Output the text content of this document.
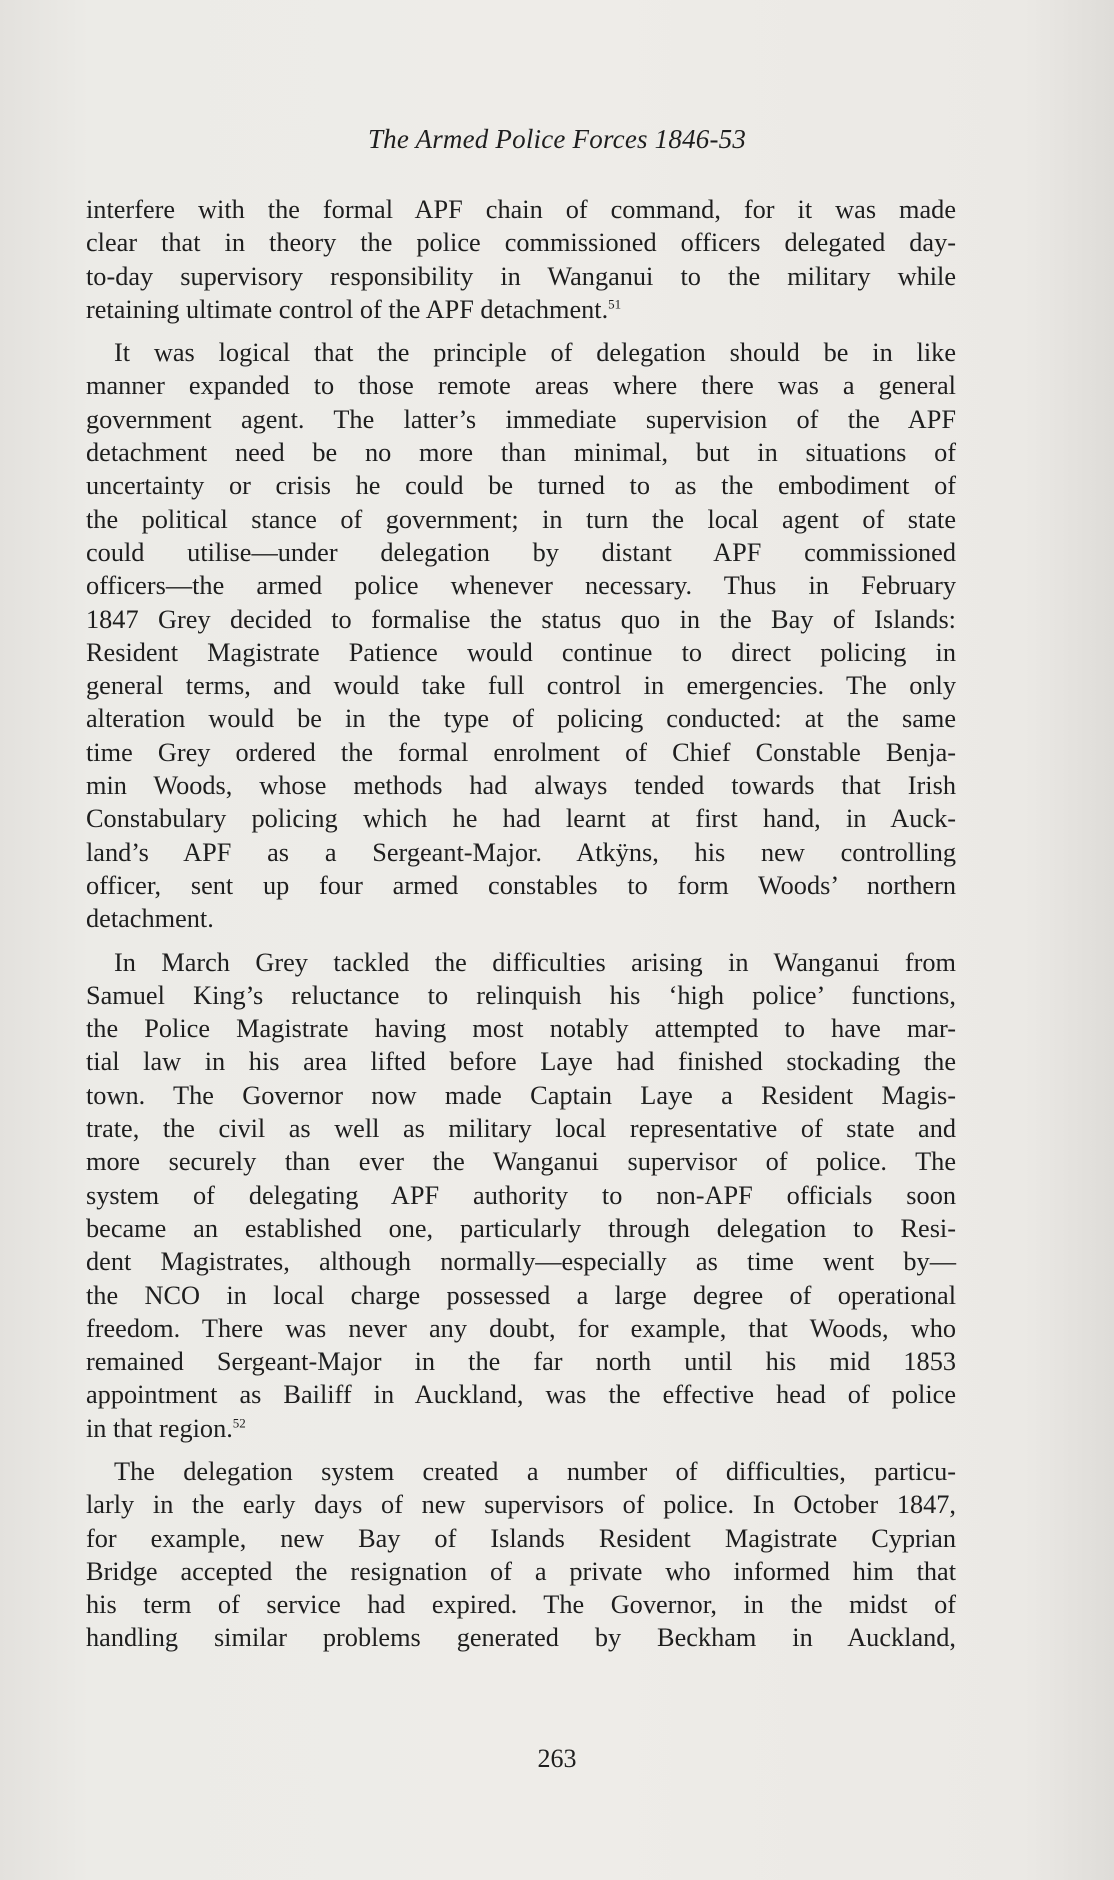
The Armed Police Forces 1846-53

interfere with the formal APF chain of command, for it was made
clear that in theory the police commissioned officers delegated day-
to-day supervisory responsibility in Wanganui to the military while
retaining ultimate control of the APF detachment.$^{51}$

It was logical that the principle of delegation should be in like
manner expanded to those remote areas where there was a general
government agent. The latter’s immediate supervision of the APF
detachment need be no more than minimal, but in situations of
uncertainty or crisis he could be turned to as the embodiment of
the political stance of government; in turn the local agent of state
could utilise—under delegation by distant APF commissioned
officers—the armed police whenever necessary. Thus in February
1847 Grey decided to formalise the status quo in the Bay of Islands:
Resident Magistrate Patience would continue to direct policing in
general terms, and would take full control in emergencies. The only
alteration would be in the type of policing conducted: at the same
time Grey ordered the formal enrolment of Chief Constable Benja-
min Woods, whose methods had always tended towards that Irish
Constabulary policing which he had learnt at first hand, in Auck-
land’s APF as a Sergeant-Major. Atkÿns, his new controlling
officer, sent up four armed constables to form Woods’ northern
detachment.

In March Grey tackled the difficulties arising in Wanganui from
Samuel King’s reluctance to relinquish his ‘high police’ functions,
the Police Magistrate having most notably attempted to have mar-
tial law in his area lifted before Laye had finished stockading the
town. The Governor now made Captain Laye a Resident Magis-
trate, the civil as well as military local representative of state and
more securely than ever the Wanganui supervisor of police. The
system of delegating APF authority to non-APF officials soon
became an established one, particularly through delegation to Resi-
dent Magistrates, although normally—especially as time went by—
the NCO in local charge possessed a large degree of operational
freedom. There was never any doubt, for example, that Woods, who
remained Sergeant-Major in the far north until his mid 1853
appointment as Bailiff in Auckland, was the effective head of police
in that region.$^{52}$

The delegation system created a number of difficulties, particu-
larly in the early days of new supervisors of police. In October 1847,
for example, new Bay of Islands Resident Magistrate Cyprian
Bridge accepted the resignation of a private who informed him that
his term of service had expired. The Governor, in the midst of
handling similar problems generated by Beckham in Auckland,

263
